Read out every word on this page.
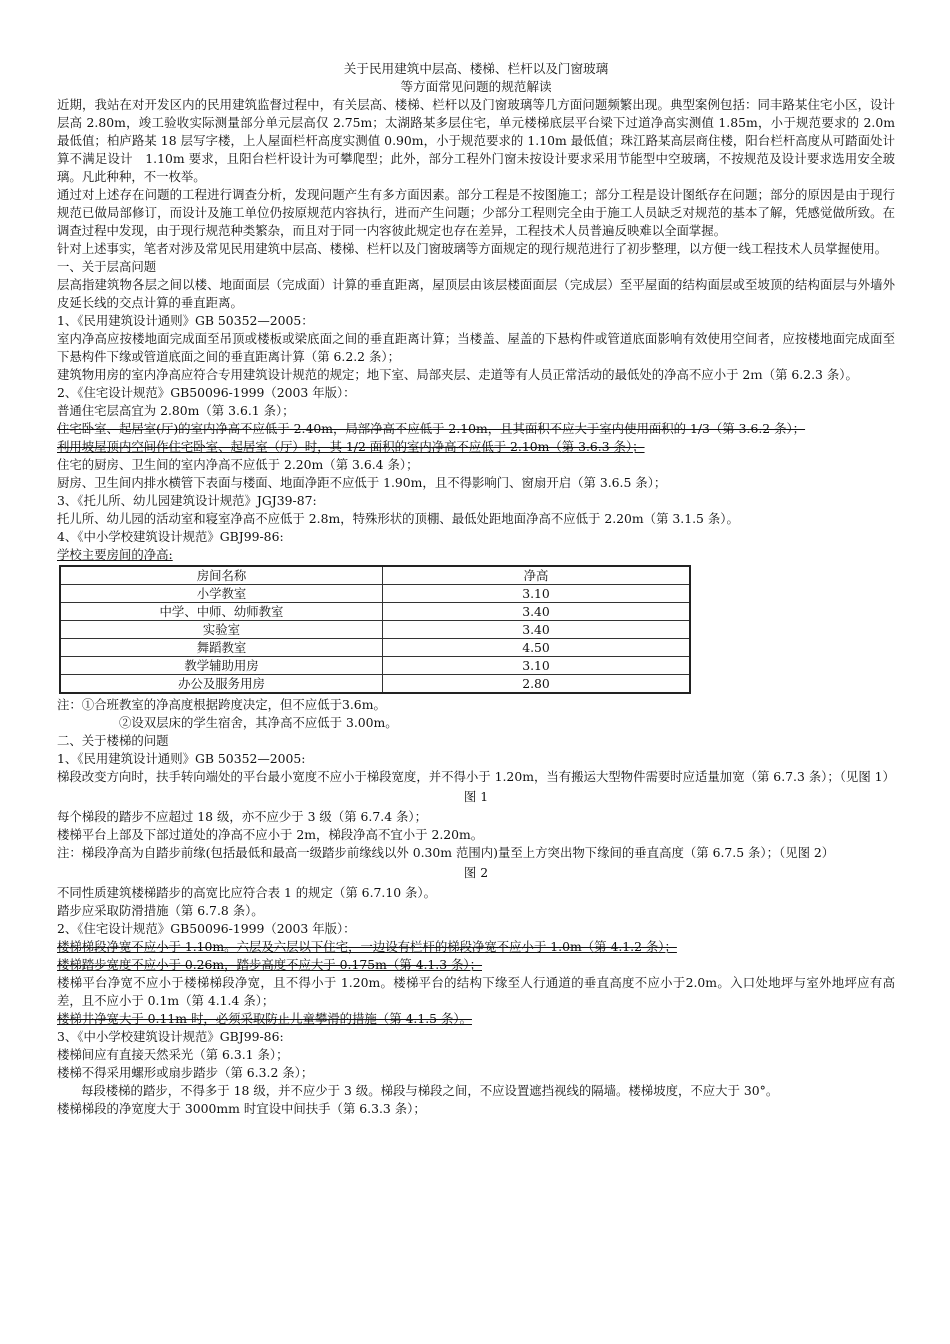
关于民用建筑中层高、楼梯、栏杆以及门窗玻璃
等方面常见问题的规范解读
近期，我站在对开发区内的民用建筑监督过程中，有关层高、楼梯、栏杆以及门窗玻璃等几方面问题频繁出现。典型案例包括：同丰路某住宅小区，设计层高 2.80m，竣工验收实际测量部分单元层高仅 2.75m；太湖路某多层住宅，单元楼梯底层平台梁下过道净高实测值 1.85m，小于规范要求的 2.0m 最低值；柏庐路某 18 层写字楼，上人屋面栏杆高度实测值 0.90m，小于规范要求的 1.10m 最低值；珠江路某高层商住楼，阳台栏杆高度从可踏面处计算不满足设计　1.10m 要求，且阳台栏杆设计为可攀爬型；此外，部分工程外门窗未按设计要求采用节能型中空玻璃，不按规范及设计要求选用安全玻璃。凡此种种，不一枚举。
通过对上述存在问题的工程进行调查分析，发现问题产生有多方面因素。部分工程是不按图施工；部分工程是设计图纸存在问题；部分的原因是由于现行规范已做局部修订，而设计及施工单位仍按原规范内容执行，进而产生问题；少部分工程则完全由于施工人员缺乏对规范的基本了解，凭感觉做所致。在调查过程中发现，由于现行规范种类繁杂，而且对于同一内容彼此规定也存在差异，工程技术人员普遍反映难以全面掌握。
针对上述事实，笔者对涉及常见民用建筑中层高、楼梯、栏杆以及门窗玻璃等方面规定的现行规范进行了初步整理，以方便一线工程技术人员掌握使用。
一、关于层高问题
层高指建筑物各层之间以楼、地面面层（完成面）计算的垂直距离，屋顶层由该层楼面面层（完成层）至平屋面的结构面层或至坡顶的结构面层与外墙外皮延长线的交点计算的垂直距离。
1、《民用建筑设计通则》GB 50352—2005：
室内净高应按楼地面完成面至吊顶或楼板或梁底面之间的垂直距离计算；当楼盖、屋盖的下悬构件或管道底面影响有效使用空间者，应按楼地面完成面至下悬构件下缘或管道底面之间的垂直距离计算（第 6.2.2 条）；
建筑物用房的室内净高应符合专用建筑设计规范的规定；地下室、局部夹层、走道等有人员正常活动的最低处的净高不应小于 2ｍ（第 6.2.3 条）。
2、《住宅设计规范》GB50096-1999（2003 年版）：
普通住宅层高宜为 2.80m（第 3.6.1 条）；
住宅卧室、起居室(厅)的室内净高不应低于 2.40m，局部净高不应低于 2.10m，且其面积不应大于室内使用面积的 1/3（第 3.6.2 条）；
利用坡屋顶内空间作住宅卧室、起居室（厅）时，其 1/2 面积的室内净高不应低于 2.10m（第 3.6.3 条）；
住宅的厨房、卫生间的室内净高不应低于 2.20m（第 3.6.4 条）；
厨房、卫生间内排水横管下表面与楼面、地面净距不应低于 1.90m，且不得影响门、窗扇开启（第 3.6.5 条）；
3、《托儿所、幼儿园建筑设计规范》JGJ39-87:
托儿所、幼儿园的活动室和寝室净高不应低于 2.8m，特殊形状的顶棚、最低处距地面净高不应低于 2.20m（第 3.1.5 条）。
4、《中小学校建筑设计规范》GBJ99-86:
学校主要房间的净高:
房间名称	净高
小学教室	3.10
中学、中师、幼师教室	3.40
实验室	3.40
舞蹈教室	4.50
教学辅助用房	3.10
办公及服务用房	2.80
注：①合班教室的净高度根据跨度决定，但不应低于3.6m。
②设双层床的学生宿舍，其净高不应低于 3.00m。
二、关于楼梯的问题
1、《民用建筑设计通则》GB 50352—2005:
梯段改变方向时，扶手转向端处的平台最小宽度不应小于梯段宽度，并不得小于 1.20m，当有搬运大型物件需要时应适量加宽（第 6.7.3 条）；（见图 1）
图 1
每个梯段的踏步不应超过 18 级，亦不应少于 3 级（第 6.7.4 条）；
楼梯平台上部及下部过道处的净高不应小于 2m，梯段净高不宜小于 2.20m。
注：梯段净高为自踏步前缘(包括最低和最高一级踏步前缘线以外 0.30m 范围内)量至上方突出物下缘间的垂直高度（第 6.7.5 条）；（见图 2）
图 2
不同性质建筑楼梯踏步的高宽比应符合表 1 的规定（第 6.7.10 条）。
踏步应采取防滑措施（第 6.7.8 条）。
2、《住宅设计规范》GB50096-1999（2003 年版）：
楼梯梯段净宽不应小于 1.10m。六层及六层以下住宅，一边设有栏杆的梯段净宽不应小于 1.0m（第 4.1.2 条）；
楼梯踏步宽度不应小于 0.26m，踏步高度不应大于 0.175m（第 4.1.3 条）；
楼梯平台净宽不应小于楼梯梯段净宽，且不得小于 1.20m。楼梯平台的结构下缘至人行通道的垂直高度不应小于2.0m。入口处地坪与室外地坪应有高差，且不应小于 0.1m（第 4.1.4 条）；
楼梯井净宽大于 0.11m 时，必须采取防止儿童攀滑的措施（第 4.1.5 条）。
3、《中小学校建筑设计规范》GBJ99-86:
楼梯间应有直接天然采光（第 6.3.1 条）；
楼梯不得采用螺形或扇步踏步（第 6.3.2 条）；
每段楼梯的踏步，不得多于 18 级，并不应少于 3 级。梯段与梯段之间，不应设置遮挡视线的隔墙。楼梯坡度，不应大于 30°。
楼梯梯段的净宽度大于 3000mm 时宜设中间扶手（第 6.3.3 条）；
